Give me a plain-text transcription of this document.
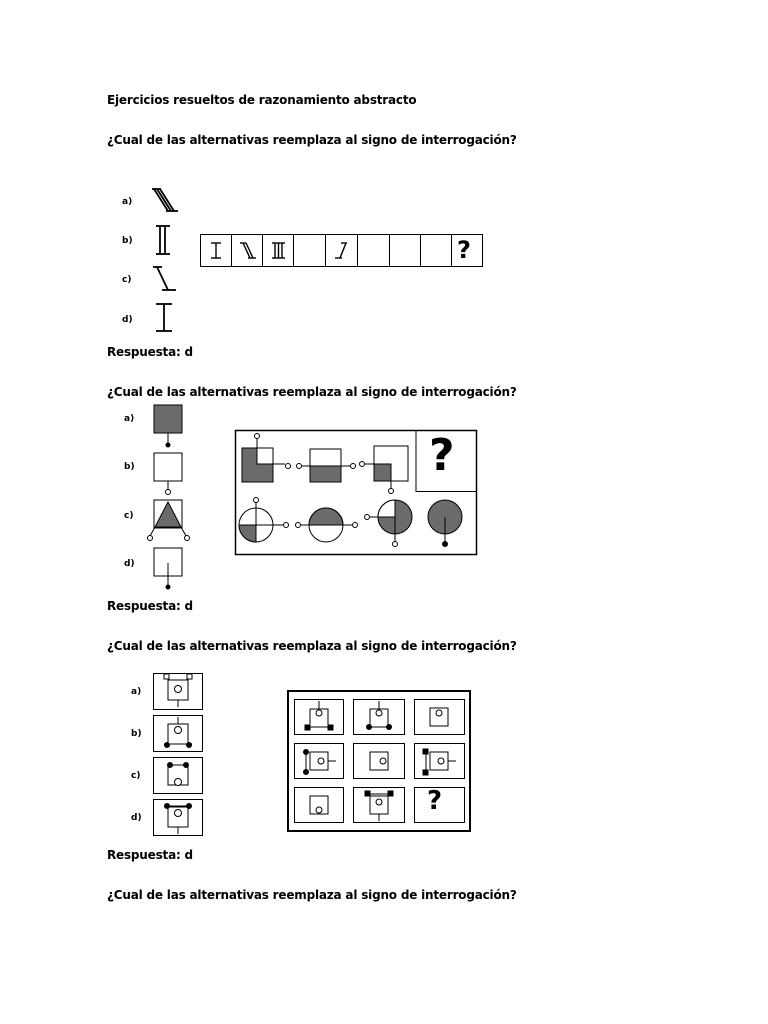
Ejercicios resueltos de razonamiento abstracto
¿Cual de las alternativas reemplaza al signo de interrogación?
a)
b)
c)
d)
?
Respuesta: d
¿Cual de las alternativas reemplaza al signo de interrogación?
a)
b)
c)
d)
?
Respuesta: d
¿Cual de las alternativas reemplaza al signo de interrogación?
a)
b)
c)
d)
?
Respuesta: d
¿Cual de las alternativas reemplaza al signo de interrogación?
